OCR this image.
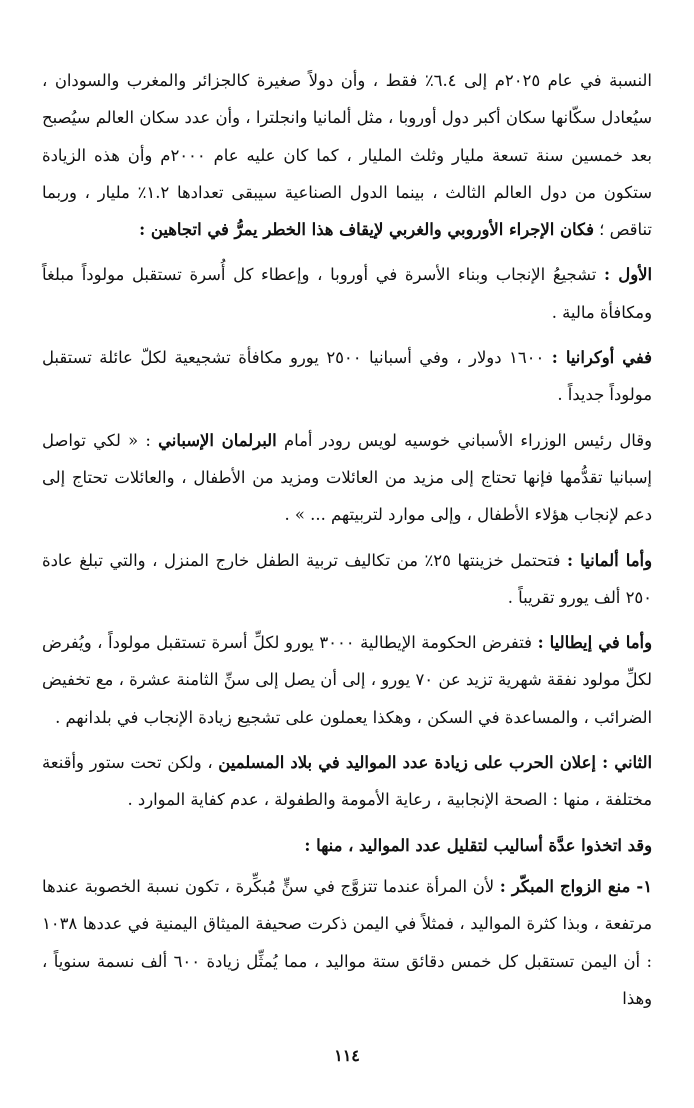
النسبة في عام ٢٠٢٥م إلى ٦.٤٪ فقط ، وأن دولاً صغيرة كالجزائر والمغرب والسودان ، سيُعادل سكّانها سكان أكبر دول أوروبا ، مثل ألمانيا وانجلترا ، وأن عدد سكان العالم سيُصبح بعد خمسين سنة تسعة مليار وثلث المليار ، كما كان عليه عام ٢٠٠٠م وأن هذه الزيادة ستكون من دول العالم الثالث ، بينما الدول الصناعية سيبقى تعدادها ١.٢٪ مليار ، وربما تناقص ؛ فكان الإجراء الأوروبي والغربي لإيقاف هذا الخطر يمرُّ في اتجاهين :

الأول : تشجيعُ الإنجاب وبناء الأسرة في أوروبا ، وإعطاء كل أُسرة تستقبل مولوداً مبلغاً ومكافأة مالية .

ففي أوكرانيا : ١٦٠٠ دولار ، وفي أسبانيا ٢٥٠٠ يورو مكافأة تشجيعية لكلّ عائلة تستقبل مولوداً جديداً .

وقال رئيس الوزراء الأسباني خوسيه لويس رودر أمام البرلمان الإسباني : « لكي تواصل إسبانيا تقدُّمها فإنها تحتاج إلى مزيد من العائلات ومزيد من الأطفال ، والعائلات تحتاج إلى دعم لإنجاب هؤلاء الأطفال ، وإلى موارد لتربيتهم ... » .

وأما ألمانيا : فتحتمل خزينتها ٢٥٪ من تكاليف تربية الطفل خارج المنزل ، والتي تبلغ عادة ٢٥٠ ألف يورو تقريباً .

وأما في إيطاليا : فتفرض الحكومة الإيطالية ٣٠٠٠ يورو لكلِّ أسرة تستقبل مولوداً ، ويُفرض لكلِّ مولود نفقة شهرية تزيد عن ٧٠ يورو ، إلى أن يصل إلى سنِّ الثامنة عشرة ، مع تخفيض الضرائب ، والمساعدة في السكن ، وهكذا يعملون على تشجيع زيادة الإنجاب في بلدانهم .

الثاني : إعلان الحرب على زيادة عدد المواليد في بلاد المسلمين ، ولكن تحت ستور وأقنعة مختلفة ، منها : الصحة الإنجابية ، رعاية الأمومة والطفولة ، عدم كفاية الموارد .

وقد اتخذوا عدَّة أساليب لتقليل عدد المواليد ، منها :

١- منع الزواج المبكّر : لأن المرأة عندما تتزوَّج في سنٍّ مُبكِّرة ، تكون نسبة الخصوبة عندها مرتفعة ، وبذا كثرة المواليد ، فمثلاً في اليمن ذكرت صحيفة الميثاق اليمنية في عددها ١٠٣٨ : أن اليمن تستقبل كل خمس دقائق ستة مواليد ، مما يُمثِّل زيادة ٦٠٠ ألف نسمة سنوياً ، وهذا

١١٤
